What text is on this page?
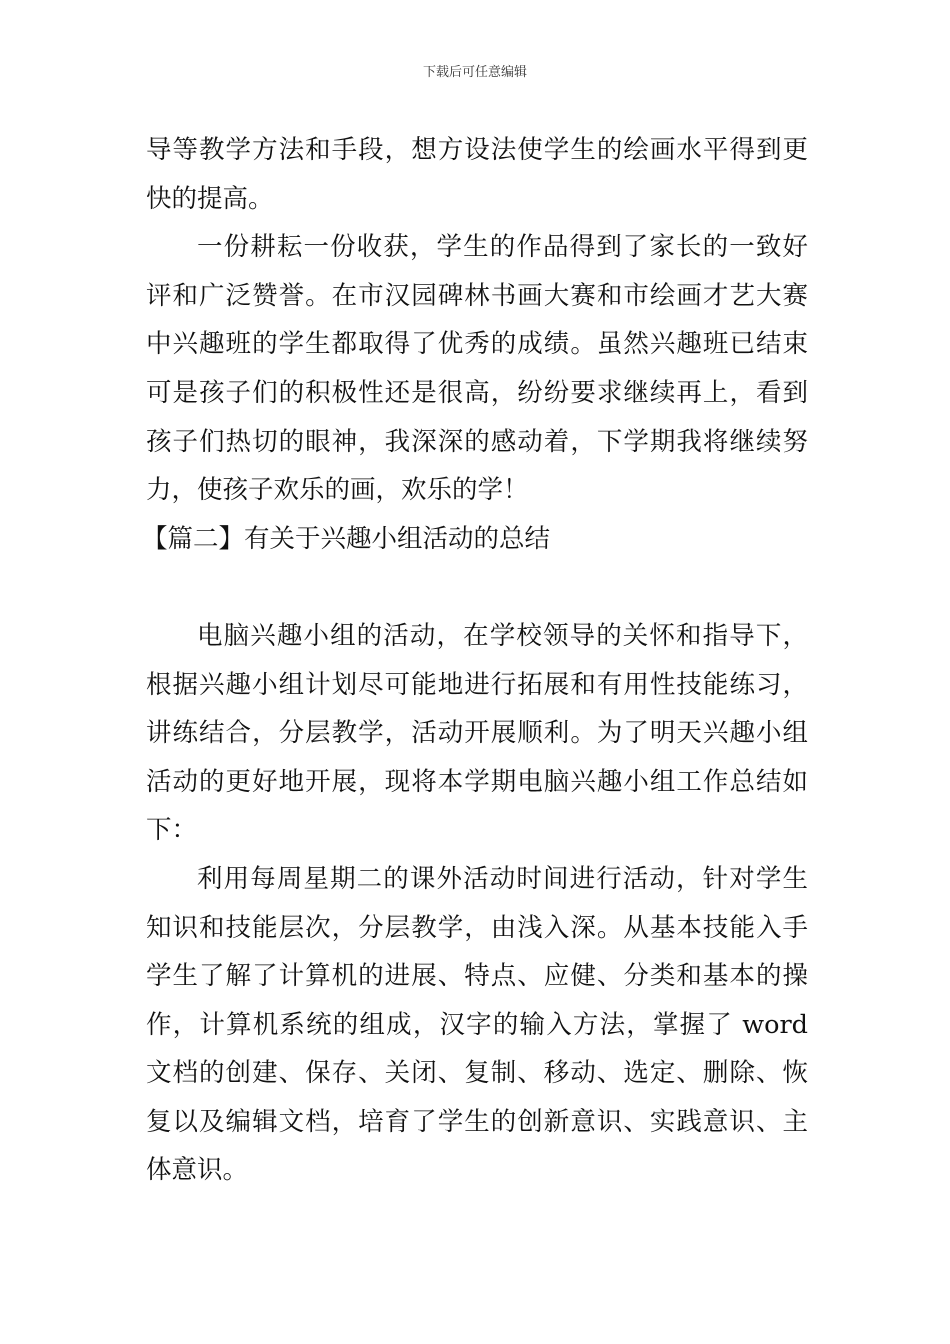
下载后可任意编辑

导等教学方法和手段，想方设法使学生的绘画水平得到更快的提高。

一份耕耘一份收获，学生的作品得到了家长的一致好评和广泛赞誉。在市汉园碑林书画大赛和市绘画才艺大赛中兴趣班的学生都取得了优秀的成绩。虽然兴趣班已结束可是孩子们的积极性还是很高，纷纷要求继续再上，看到孩子们热切的眼神，我深深的感动着，下学期我将继续努力，使孩子欢乐的画，欢乐的学！

【篇二】有关于兴趣小组活动的总结

电脑兴趣小组的活动，在学校领导的关怀和指导下，根据兴趣小组计划尽可能地进行拓展和有用性技能练习，讲练结合，分层教学，活动开展顺利。为了明天兴趣小组活动的更好地开展，现将本学期电脑兴趣小组工作总结如下：

利用每周星期二的课外活动时间进行活动，针对学生知识和技能层次，分层教学，由浅入深。从基本技能入手学生了解了计算机的进展、特点、应健、分类和基本的操作，计算机系统的组成，汉字的输入方法，掌握了 word 文档的创建、保存、关闭、复制、移动、选定、删除、恢复以及编辑文档，培育了学生的创新意识、实践意识、主体意识。
